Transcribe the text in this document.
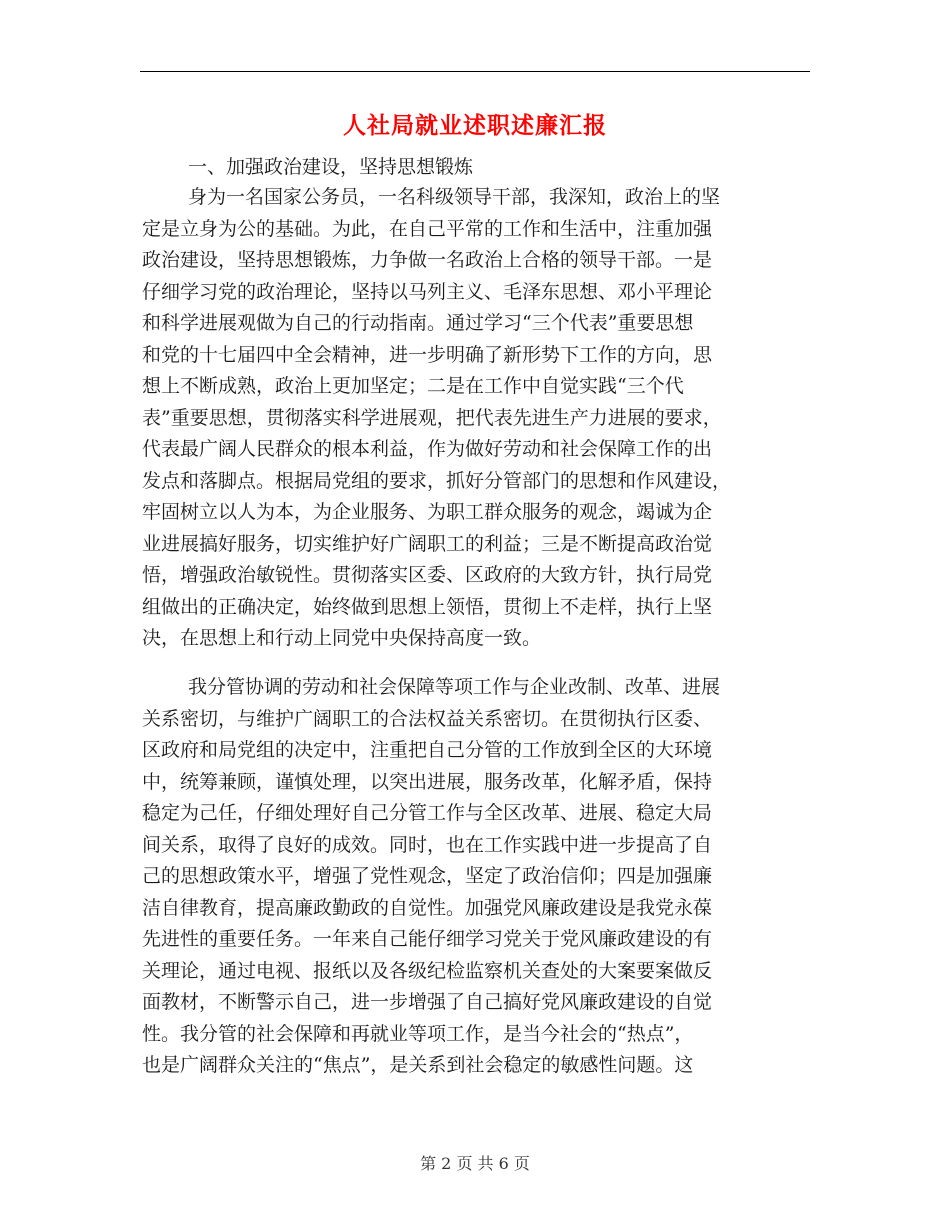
人社局就业述职述廉汇报
一、加强政治建设，坚持思想锻炼
身为一名国家公务员，一名科级领导干部，我深知，政治上的坚
定是立身为公的基础。为此，在自己平常的工作和生活中，注重加强
政治建设，坚持思想锻炼，力争做一名政治上合格的领导干部。一是
仔细学习党的政治理论，坚持以马列主义、毛泽东思想、邓小平理论
和科学进展观做为自己的行动指南。通过学习“三个代表”重要思想
和党的十七届四中全会精神，进一步明确了新形势下工作的方向，思
想上不断成熟，政治上更加坚定；二是在工作中自觉实践“三个代
表”重要思想，贯彻落实科学进展观，把代表先进生产力进展的要求，
代表最广阔人民群众的根本利益，作为做好劳动和社会保障工作的出
发点和落脚点。根据局党组的要求，抓好分管部门的思想和作风建设，
牢固树立以人为本，为企业服务、为职工群众服务的观念，竭诚为企
业进展搞好服务，切实维护好广阔职工的利益；三是不断提高政治觉
悟，增强政治敏锐性。贯彻落实区委、区政府的大致方针，执行局党
组做出的正确决定，始终做到思想上领悟，贯彻上不走样，执行上坚
决，在思想上和行动上同党中央保持高度一致。
我分管协调的劳动和社会保障等项工作与企业改制、改革、进展
关系密切，与维护广阔职工的合法权益关系密切。在贯彻执行区委、
区政府和局党组的决定中，注重把自己分管的工作放到全区的大环境
中，统筹兼顾，谨慎处理，以突出进展，服务改革，化解矛盾，保持
稳定为己任，仔细处理好自己分管工作与全区改革、进展、稳定大局
间关系，取得了良好的成效。同时，也在工作实践中进一步提高了自
己的思想政策水平，增强了党性观念，坚定了政治信仰；四是加强廉
洁自律教育，提高廉政勤政的自觉性。加强党风廉政建设是我党永葆
先进性的重要任务。一年来自己能仔细学习党关于党风廉政建设的有
关理论，通过电视、报纸以及各级纪检监察机关查处的大案要案做反
面教材，不断警示自己，进一步增强了自己搞好党风廉政建设的自觉
性。我分管的社会保障和再就业等项工作，是当今社会的“热点”，
也是广阔群众关注的“焦点”，是关系到社会稳定的敏感性问题。这
第 2 页 共 6 页
